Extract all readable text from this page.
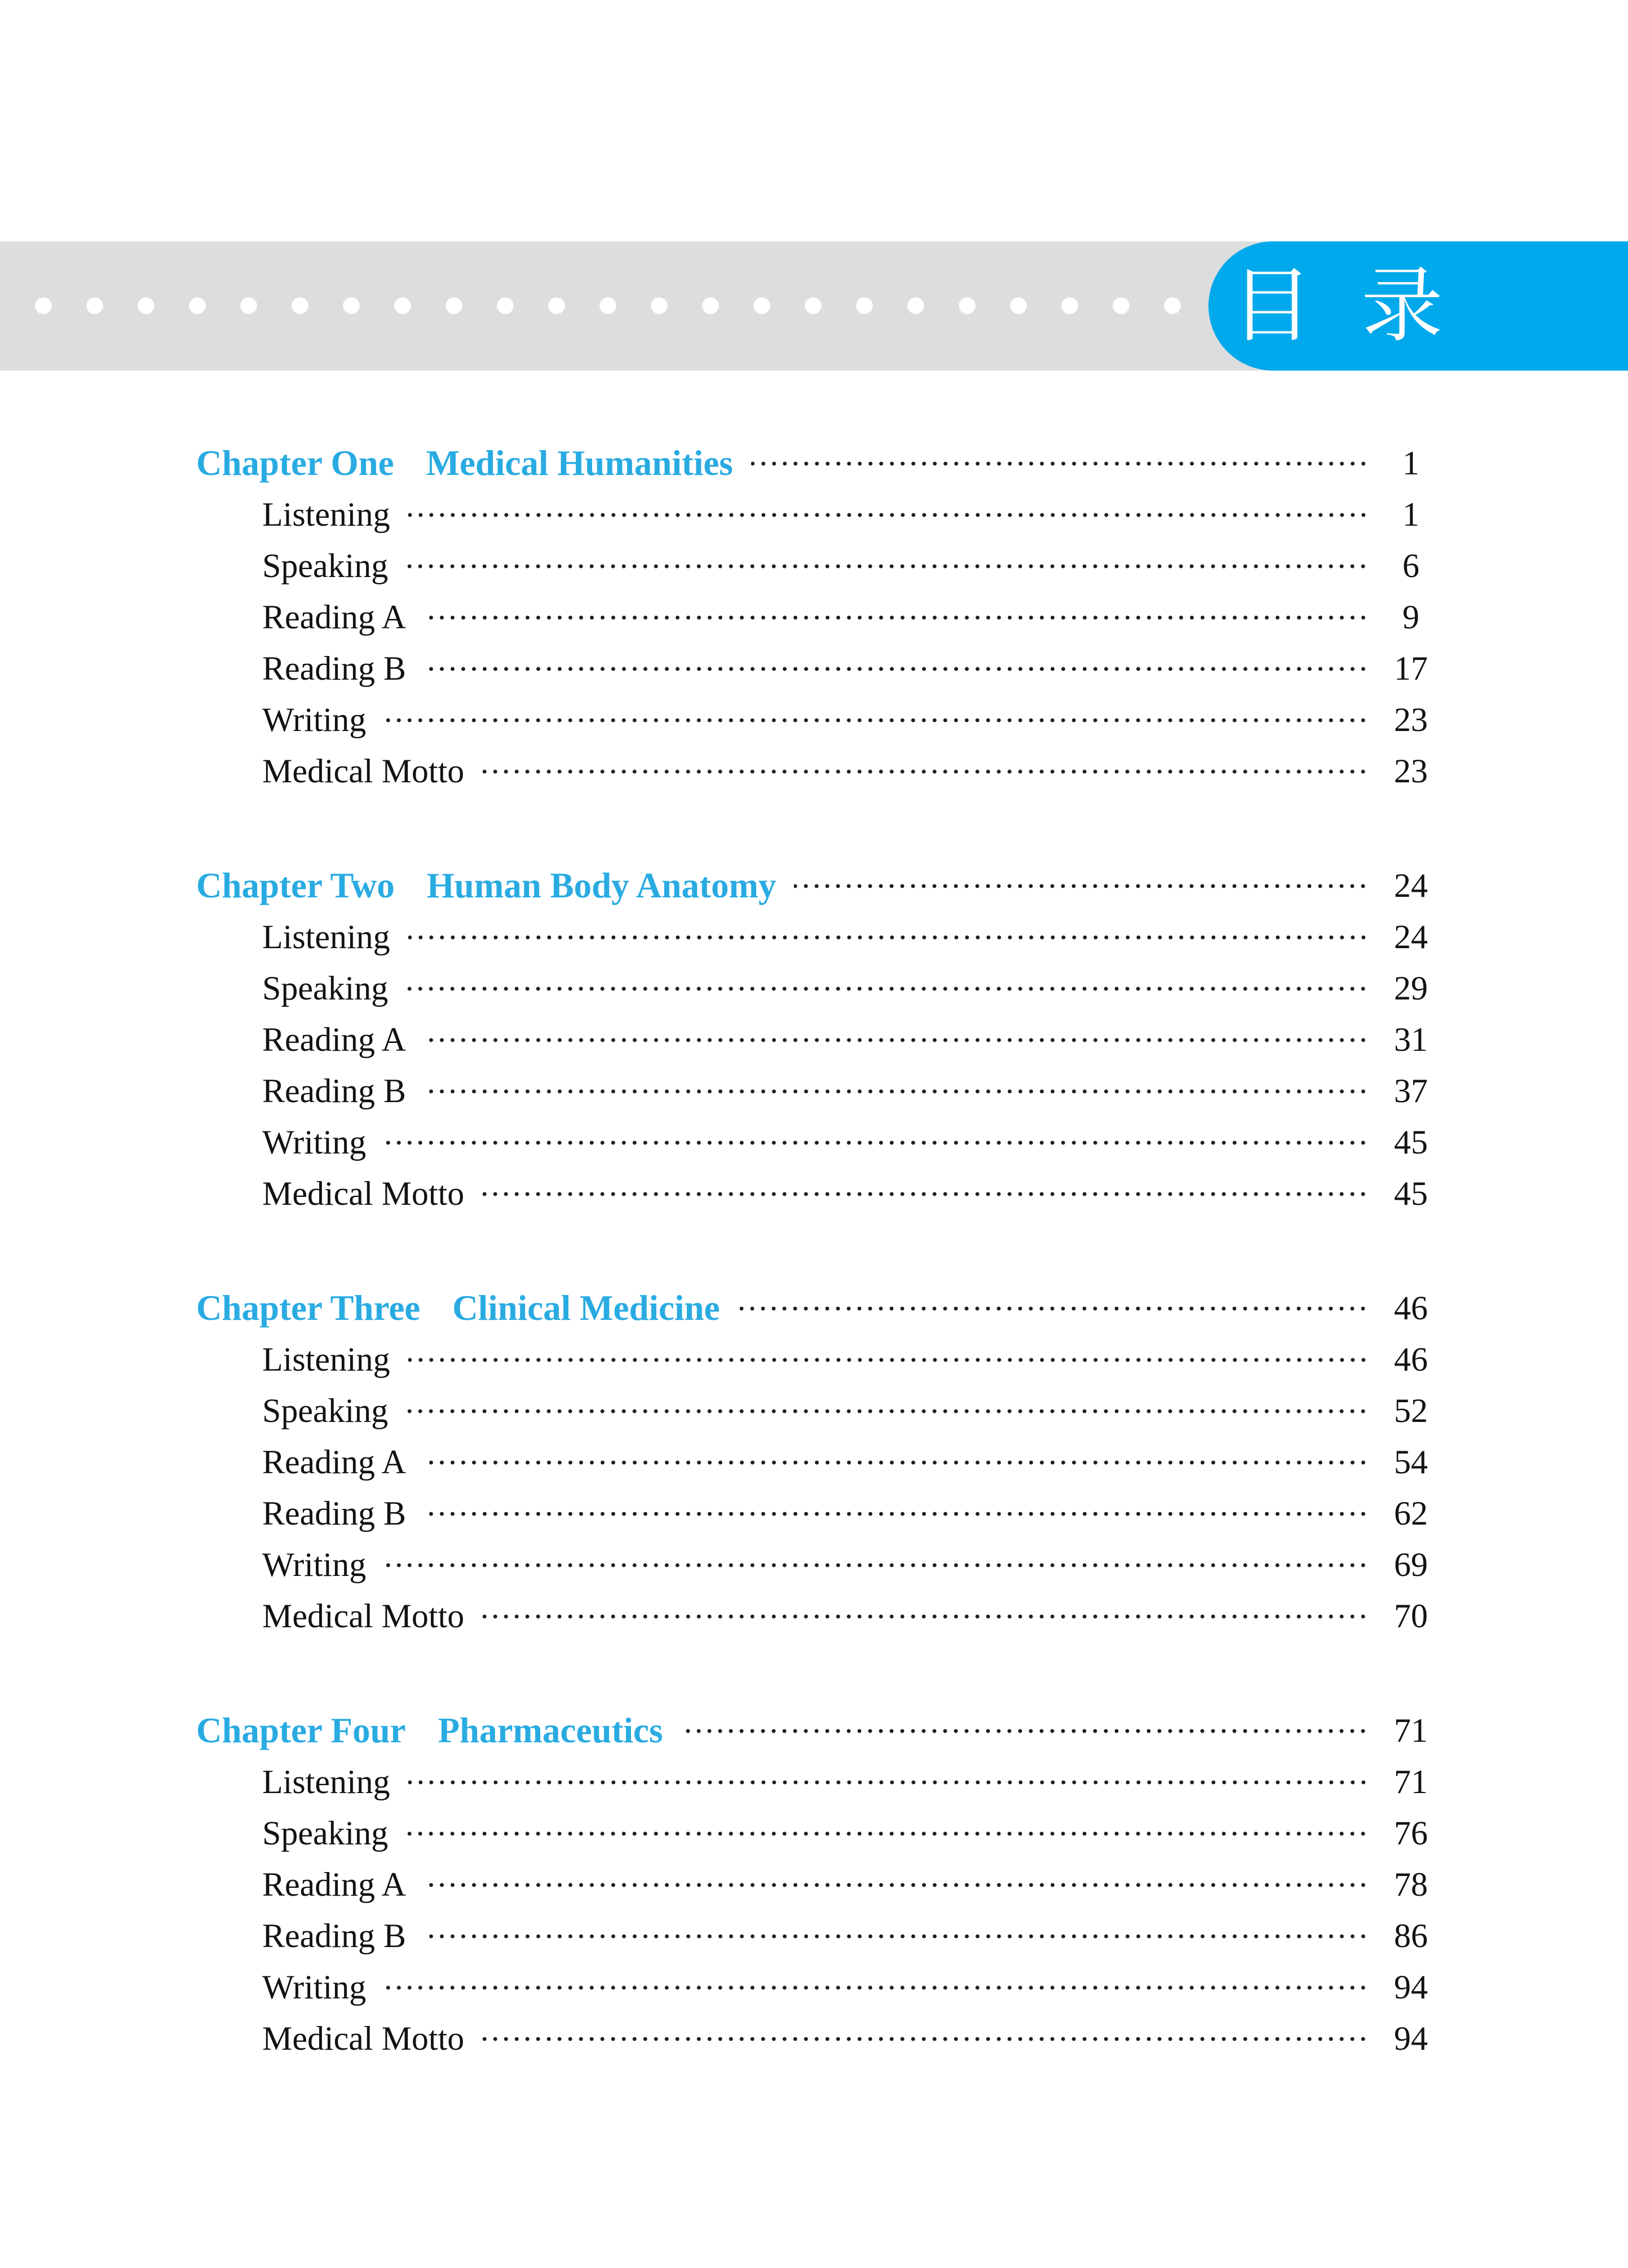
目 录
Chapter One Medical Humanities	1
Listening	1
Speaking	6
Reading A	9
Reading B	17
Writing	23
Medical Motto	23
Chapter Two Human Body Anatomy	24
Listening	24
Speaking	29
Reading A	31
Reading B	37
Writing	45
Medical Motto	45
Chapter Three Clinical Medicine	46
Listening	46
Speaking	52
Reading A	54
Reading B	62
Writing	69
Medical Motto	70
Chapter Four Pharmaceutics	71
Listening	71
Speaking	76
Reading A	78
Reading B	86
Writing	94
Medical Motto	94
